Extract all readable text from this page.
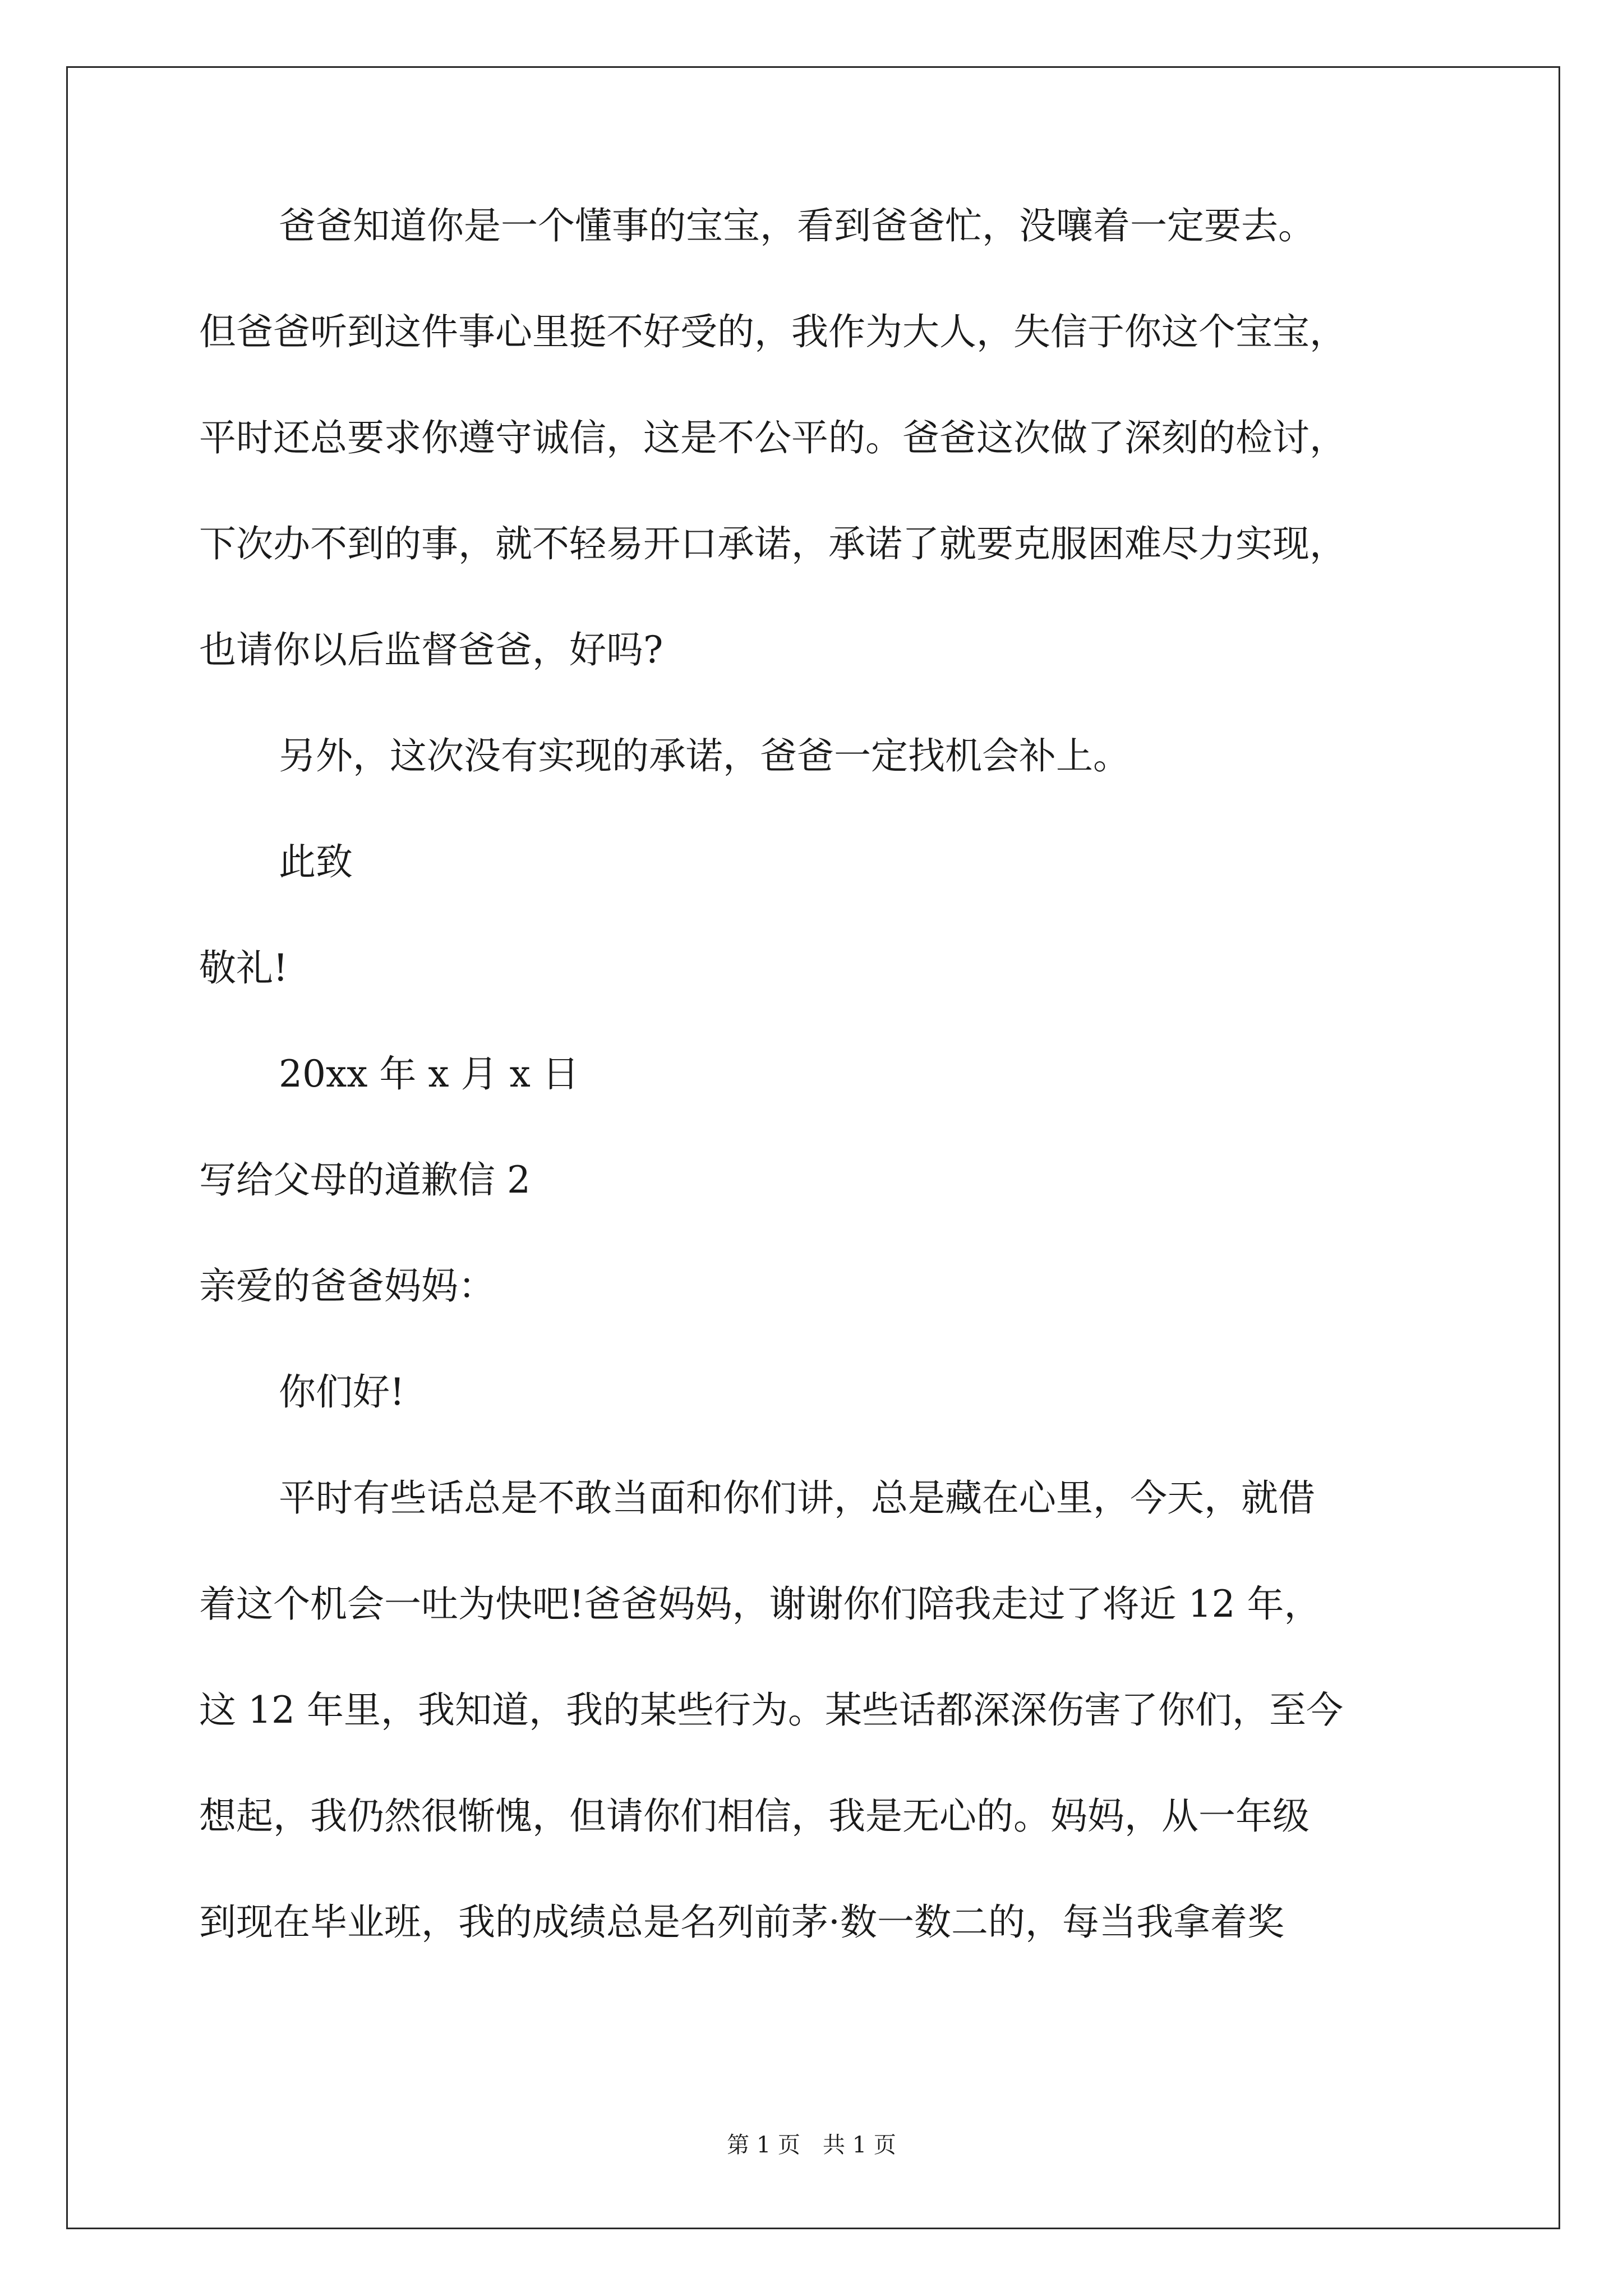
爸爸知道你是一个懂事的宝宝，看到爸爸忙，没嚷着一定要去。
但爸爸听到这件事心里挺不好受的，我作为大人，失信于你这个宝宝，
平时还总要求你遵守诚信，这是不公平的。爸爸这次做了深刻的检讨，
下次办不到的事，就不轻易开口承诺，承诺了就要克服困难尽力实现，
也请你以后监督爸爸，好吗?
另外，这次没有实现的承诺，爸爸一定找机会补上。
此致
敬礼!
20xx 年 x 月 x 日
写给父母的道歉信 2
亲爱的爸爸妈妈：
你们好!
平时有些话总是不敢当面和你们讲，总是藏在心里，今天，就借
着这个机会一吐为快吧!爸爸妈妈，谢谢你们陪我走过了将近 12 年，
这 12 年里，我知道，我的某些行为。某些话都深深伤害了你们，至今
想起，我仍然很惭愧，但请你们相信，我是无心的。妈妈，从一年级
到现在毕业班，我的成绩总是名列前茅·数一数二的，每当我拿着奖
第 1 页 共 1 页
